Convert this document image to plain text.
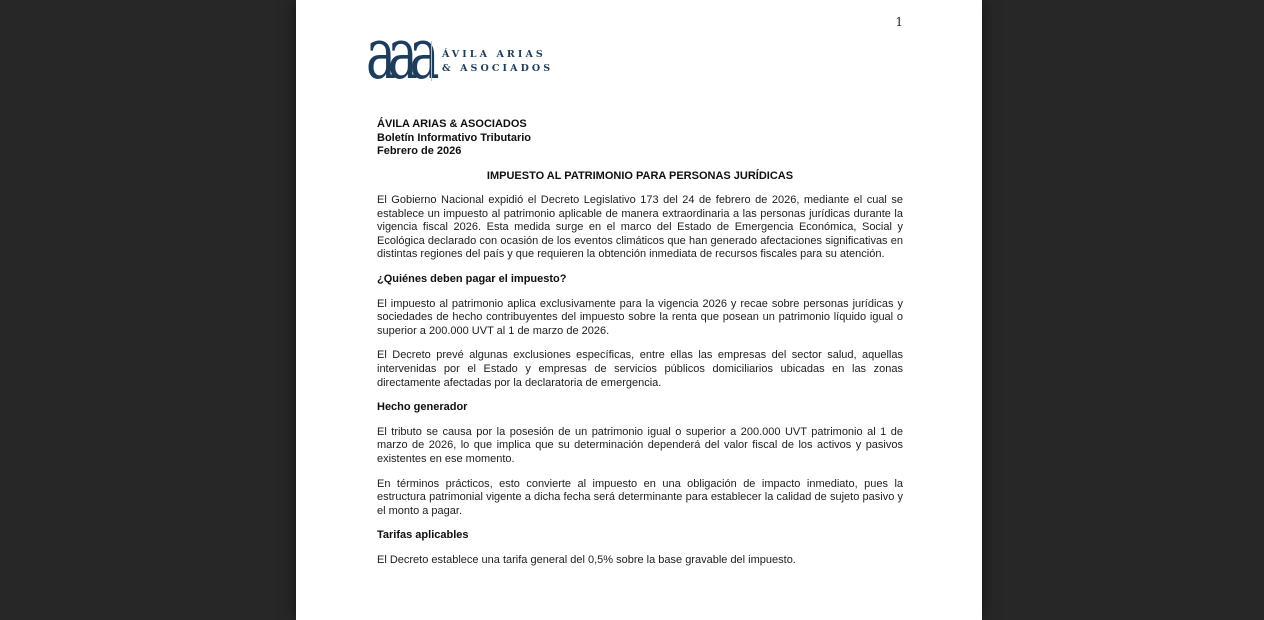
1
aaa ÁVILA ARIAS
& ASOCIADOS
ÁVILA ARIAS & ASOCIADOS
Boletín Informativo Tributario
Febrero de 2026
IMPUESTO AL PATRIMONIO PARA PERSONAS JURÍDICAS

El Gobierno Nacional expidió el Decreto Legislativo 173 del 24 de febrero de 2026, mediante el cual se establece un impuesto al patrimonio aplicable de manera extraordinaria a las personas jurídicas durante la vigencia fiscal 2026. Esta medida surge en el marco del Estado de Emergencia Económica, Social y Ecológica declarado con ocasión de los eventos climáticos que han generado afectaciones significativas en distintas regiones del país y que requieren la obtención inmediata de recursos fiscales para su atención.

¿Quiénes deben pagar el impuesto?

El impuesto al patrimonio aplica exclusivamente para la vigencia 2026 y recae sobre personas jurídicas y sociedades de hecho contribuyentes del impuesto sobre la renta que posean un patrimonio líquido igual o superior a 200.000 UVT al 1 de marzo de 2026.

El Decreto prevé algunas exclusiones específicas, entre ellas las empresas del sector salud, aquellas intervenidas por el Estado y empresas de servicios públicos domiciliarios ubicadas en las zonas directamente afectadas por la declaratoria de emergencia.

Hecho generador

El tributo se causa por la posesión de un patrimonio igual o superior a 200.000 UVT patrimonio al 1 de marzo de 2026, lo que implica que su determinación dependerá del valor fiscal de los activos y pasivos existentes en ese momento.

En términos prácticos, esto convierte al impuesto en una obligación de impacto inmediato, pues la estructura patrimonial vigente a dicha fecha será determinante para establecer la calidad de sujeto pasivo y el monto a pagar.

Tarifas aplicables

El Decreto establece una tarifa general del 0,5% sobre la base gravable del impuesto.
